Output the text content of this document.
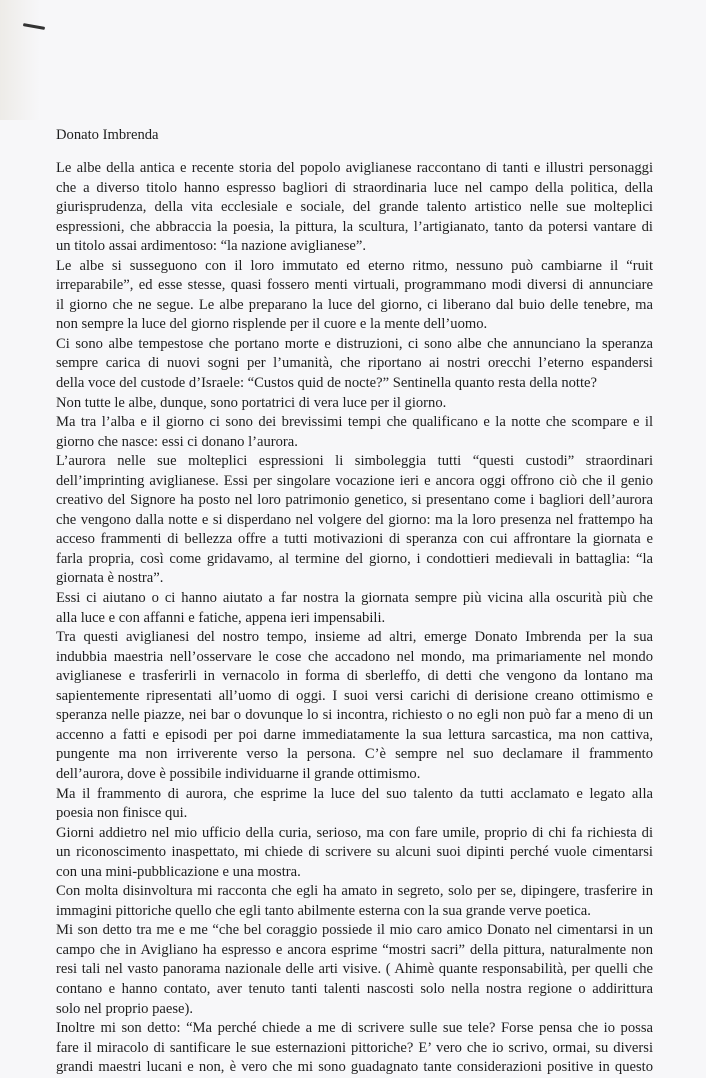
Donato Imbrenda
Le albe della antica e recente storia del popolo aviglianese raccontano di tanti e illustri personaggi
che a diverso titolo hanno espresso bagliori di straordinaria luce nel campo della politica, della
giurisprudenza, della vita ecclesiale e sociale, del grande talento artistico nelle sue molteplici
espressioni, che abbraccia la poesia, la pittura, la scultura, l’artigianato, tanto da potersi vantare di
un titolo assai ardimentoso: “la nazione aviglianese”.
Le albe si susseguono con il loro immutato ed eterno ritmo, nessuno può cambiarne il “ruit
irreparabile”, ed esse stesse, quasi fossero menti virtuali, programmano modi diversi di annunciare
il giorno che ne segue. Le albe preparano la luce del giorno, ci liberano dal buio delle tenebre, ma
non sempre la luce del giorno risplende per il cuore e la mente dell’uomo.
Ci sono albe tempestose che portano morte e distruzioni, ci sono albe che annunciano la speranza
sempre carica di nuovi sogni per l’umanità, che riportano ai nostri orecchi l’eterno espandersi
della voce del custode d’Israele: “Custos quid de nocte?” Sentinella quanto resta della notte?
Non tutte le albe, dunque, sono portatrici di vera luce per il giorno.
Ma tra l’alba e il giorno ci sono dei brevissimi tempi che qualificano e la notte che scompare e il
giorno che nasce: essi ci donano l’aurora.
L’aurora nelle sue molteplici espressioni li simboleggia tutti “questi custodi” straordinari
dell’imprinting aviglianese. Essi per singolare vocazione ieri e ancora oggi offrono ciò che il genio
creativo del Signore ha posto nel loro patrimonio genetico, si presentano come i bagliori dell’aurora
che vengono dalla notte e si disperdano nel volgere del giorno: ma la loro presenza nel frattempo ha
acceso frammenti di bellezza offre a tutti motivazioni di speranza con cui affrontare la giornata e
farla propria, così come gridavamo, al termine del giorno, i condottieri medievali in battaglia: “la
giornata è nostra”.
Essi ci aiutano o ci hanno aiutato a far nostra la giornata sempre più vicina alla oscurità più che
alla luce e con affanni e fatiche, appena ieri impensabili.
Tra questi aviglianesi del nostro tempo, insieme ad altri, emerge Donato Imbrenda per la sua
indubbia maestria nell’osservare le cose che accadono nel mondo, ma primariamente nel mondo
aviglianese e trasferirli in vernacolo in forma di sberleffo, di detti che vengono da lontano ma
sapientemente ripresentati all’uomo di oggi. I suoi versi carichi di derisione creano ottimismo e
speranza nelle piazze, nei bar o dovunque lo si incontra, richiesto o no egli non può far a meno di un
accenno a fatti e episodi per poi darne immediatamente la sua lettura sarcastica, ma non cattiva,
pungente ma non irriverente verso la persona. C’è sempre nel suo declamare il frammento
dell’aurora, dove è possibile individuarne il grande ottimismo.
Ma il frammento di aurora, che esprime la luce del suo talento da tutti acclamato e legato alla
poesia non finisce qui.
Giorni addietro nel mio ufficio della curia, serioso, ma con fare umile, proprio di chi fa richiesta di
un riconoscimento inaspettato, mi chiede di scrivere su alcuni suoi dipinti perché vuole cimentarsi
con una mini-pubblicazione e una mostra.
Con molta disinvoltura mi racconta che egli ha amato in segreto, solo per se, dipingere, trasferire in
immagini pittoriche quello che egli tanto abilmente esterna con la sua grande verve poetica.
Mi son detto tra me e me “che bel coraggio possiede il mio caro amico Donato nel cimentarsi in un
campo che in Avigliano ha espresso e ancora esprime “mostri sacri” della pittura, naturalmente non
resi tali nel vasto panorama nazionale delle arti visive. ( Ahimè quante responsabilità, per quelli che
contano e hanno contato, aver tenuto tanti talenti nascosti solo nella nostra regione o addirittura
solo nel proprio paese).
Inoltre mi son detto: “Ma perché chiede a me di scrivere sulle sue tele? Forse pensa che io possa
fare il miracolo di santificare le sue esternazioni pittoriche? E’ vero che io scrivo, ormai, su diversi
grandi maestri lucani e non, è vero che mi sono guadagnato tante considerazioni positive in questo
